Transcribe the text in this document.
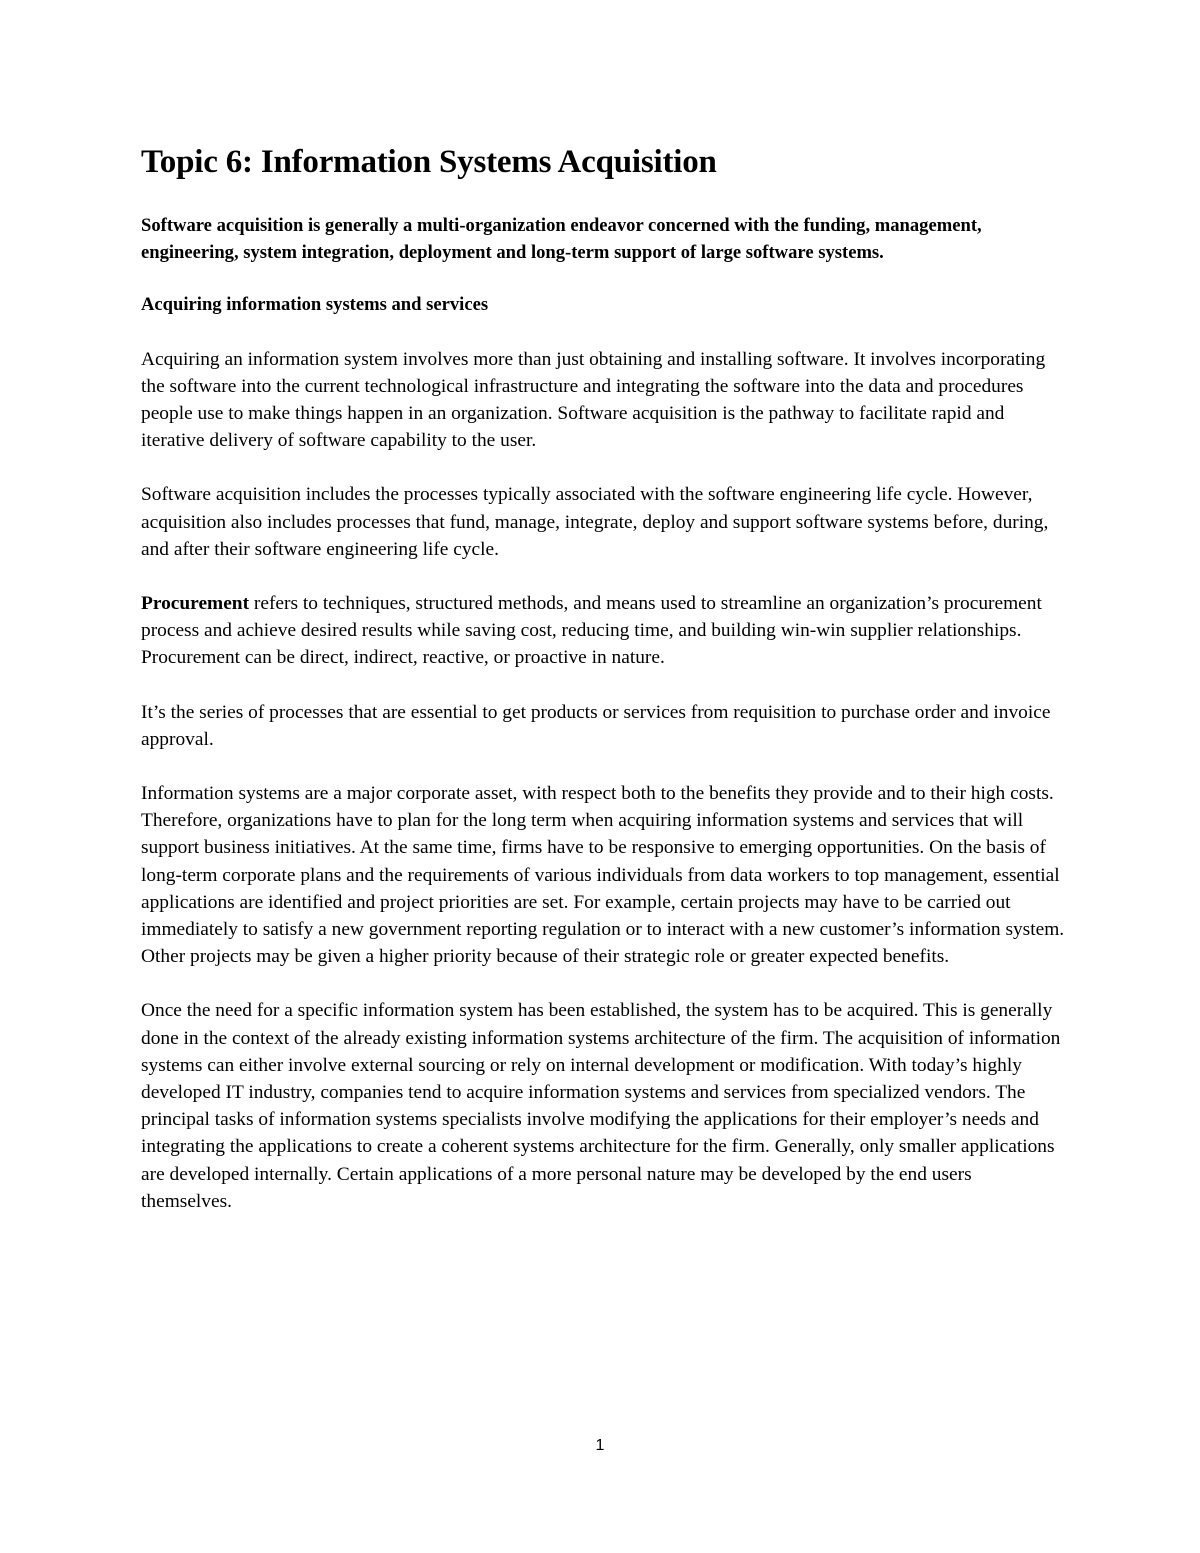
Topic 6: Information Systems Acquisition

Software acquisition is generally a multi-organization endeavor concerned with the funding, management, engineering, system integration, deployment and long-term support of large software systems.

Acquiring information systems and services

Acquiring an information system involves more than just obtaining and installing software. It involves incorporating the software into the current technological infrastructure and integrating the software into the data and procedures people use to make things happen in an organization. Software acquisition is the pathway to facilitate rapid and iterative delivery of software capability to the user.

Software acquisition includes the processes typically associated with the software engineering life cycle. However, acquisition also includes processes that fund, manage, integrate, deploy and support software systems before, during, and after their software engineering life cycle.

Procurement refers to techniques, structured methods, and means used to streamline an organization’s procurement process and achieve desired results while saving cost, reducing time, and building win-win supplier relationships. Procurement can be direct, indirect, reactive, or proactive in nature.

It’s the series of processes that are essential to get products or services from requisition to purchase order and invoice approval.

Information systems are a major corporate asset, with respect both to the benefits they provide and to their high costs. Therefore, organizations have to plan for the long term when acquiring information systems and services that will support business initiatives. At the same time, firms have to be responsive to emerging opportunities. On the basis of long-term corporate plans and the requirements of various individuals from data workers to top management, essential applications are identified and project priorities are set. For example, certain projects may have to be carried out immediately to satisfy a new government reporting regulation or to interact with a new customer’s information system. Other projects may be given a higher priority because of their strategic role or greater expected benefits.

Once the need for a specific information system has been established, the system has to be acquired. This is generally done in the context of the already existing information systems architecture of the firm. The acquisition of information systems can either involve external sourcing or rely on internal development or modification. With today’s highly developed IT industry, companies tend to acquire information systems and services from specialized vendors. The principal tasks of information systems specialists involve modifying the applications for their employer’s needs and integrating the applications to create a coherent systems architecture for the firm. Generally, only smaller applications are developed internally. Certain applications of a more personal nature may be developed by the end users themselves.

1
